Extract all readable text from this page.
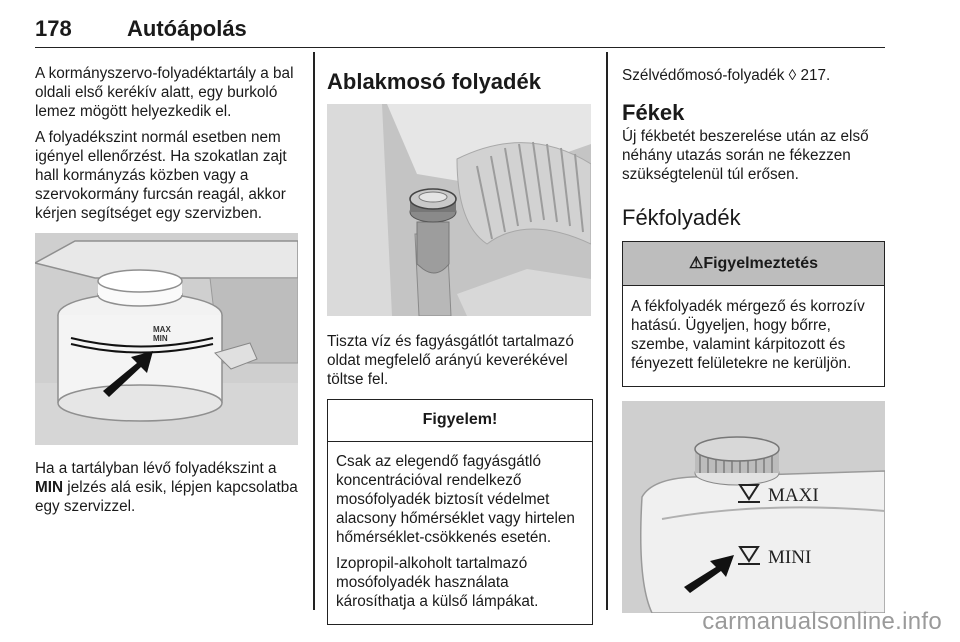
178	Autóápolás

A kormányszervo-folyadéktartály a bal oldali első kerékív alatt, egy burkoló lemez mögött helyezkedik el.

A folyadékszint normál esetben nem igényel ellenőrzést. Ha szokatlan zajt hall kormányzás közben vagy a szervokormány furcsán reagál, akkor kérjen segítséget egy szervizben.

MAX
MIN

Ha a tartályban lévő folyadékszint a MIN jelzés alá esik, lépjen kapcsolatba egy szervizzel.

Ablakmosó folyadék

Tiszta víz és fagyásgátlót tartalmazó oldat megfelelő arányú keverékével töltse fel.

Figyelem!

Csak az elegendő fagyásgátló koncentrációval rendelkező mosófolyadék biztosít védelmet alacsony hőmérséklet vagy hirtelen hőmérséklet-csökkenés esetén.

Izopropil-alkoholt tartalmazó mosófolyadék használata károsíthatja a külső lámpákat.

Szélvédőmosó-folyadék ◊ 217.

Fékek

Új fékbetét beszerelése után az első néhány utazás során ne fékezzen szükségtelenül túl erősen.

Fékfolyadék
⚠Figyelmeztetés

A fékfolyadék mérgező és korrozív hatású. Ügyeljen, hogy bőrre, szembe, valamint kárpitozott és fényezett felületekre ne kerüljön.

MAXI
MINI
carmanualsonline.info
